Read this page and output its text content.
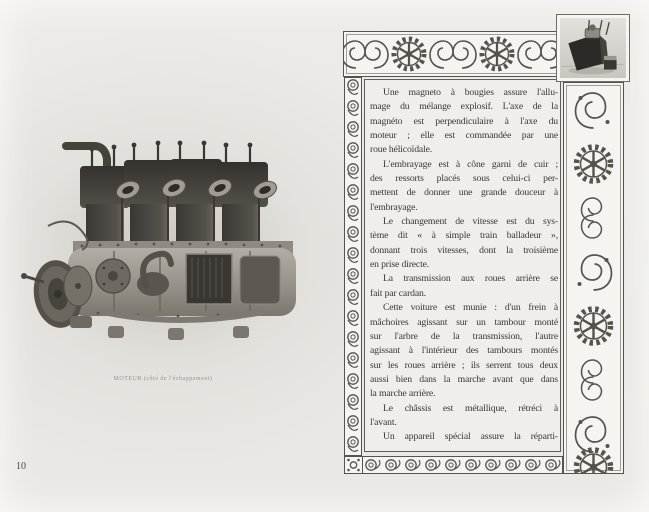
MOTEUR (côté de l'échappement)
10
Une magneto à bougies assure l'allu-
mage du mélange explosif. L'axe de la
magnéto est perpendiculaire à l'axe du
moteur ; elle est commandée par une
roue hélicoïdale.
L'embrayage est à cône garni de cuir ;
des ressorts placés sous celui-ci per-
mettent de donner une grande douceur à
l'embrayage.
Le changement de vitesse est du sys-
tème dit « à simple train balladeur »,
donnant trois vitesses, dont la troisième
en prise directe.
La transmission aux roues arrière se
fait par cardan.
Cette voiture est munie : d'un frein à
mâchoires agissant sur un tambour monté
sur l'arbre de la transmission, l'autre
agissant à l'intérieur des tambours montés
sur les roues arrière ; ils serrent tous deux
aussi bien dans la marche avant que dans
la marche arrière.
Le châssis est métallique, rétréci à
l'avant.
Un appareil spécial assure la réparti-
